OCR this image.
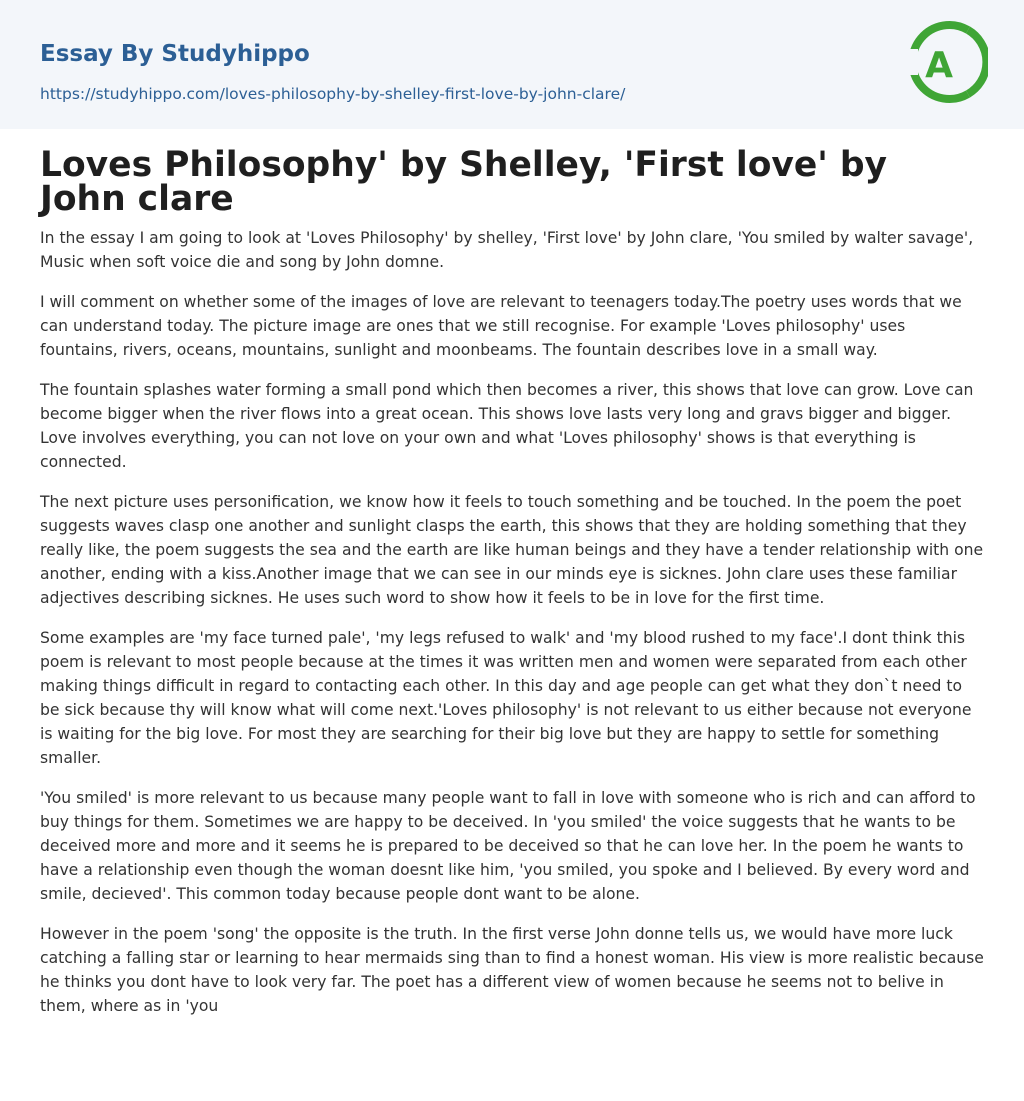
Essay By Studyhippo
https://studyhippo.com/loves-philosophy-by-shelley-first-love-by-john-clare/
A
Loves Philosophy' by Shelley, 'First love' by John clare

In the essay I am going to look at 'Loves Philosophy' by shelley, 'First love' by John clare, 'You smiled by walter savage', Music when soft voice die and song by John domne.

I will comment on whether some of the images of love are relevant to teenagers today.The poetry uses words that we can understand today. The picture image are ones that we still recognise. For example 'Loves philosophy' uses fountains, rivers, oceans, mountains, sunlight and moonbeams. The fountain describes love in a small way.

The fountain splashes water forming a small pond which then becomes a river, this shows that love can grow. Love can become bigger when the river flows into a great ocean. This shows love lasts very long and gravs bigger and bigger. Love involves everything, you can not love on your own and what 'Loves philosophy' shows is that everything is connected.

The next picture uses personification, we know how it feels to touch something and be touched. In the poem the poet suggests waves clasp one another and sunlight clasps the earth, this shows that they are holding something that they really like, the poem suggests the sea and the earth are like human beings and they have a tender relationship with one another, ending with a kiss.Another image that we can see in our minds eye is sicknes. John clare uses these familiar adjectives describing sicknes. He uses such word to show how it feels to be in love for the first time.

Some examples are 'my face turned pale', 'my legs refused to walk' and 'my blood rushed to my face'.I dont think this poem is relevant to most people because at the times it was written men and women were separated from each other making things difficult in regard to contacting each other. In this day and age people can get what they don`t need to be sick because thy will know what will come next.'Loves philosophy' is not relevant to us either because not everyone is waiting for the big love. For most they are searching for their big love but they are happy to settle for something smaller.

'You smiled' is more relevant to us because many people want to fall in love with someone who is rich and can afford to buy things for them. Sometimes we are happy to be deceived. In 'you smiled' the voice suggests that he wants to be deceived more and more and it seems he is prepared to be deceived so that he can love her. In the poem he wants to have a relationship even though the woman doesnt like him, 'you smiled, you spoke and I believed. By every word and smile, decieved'. This common today because people dont want to be alone.

However in the poem 'song' the opposite is the truth. In the first verse John donne tells us, we would have more luck catching a falling star or learning to hear mermaids sing than to find a honest woman. His view is more realistic because he thinks you dont have to look very far. The poet has a different view of women because he seems not to belive in them, where as in 'you
